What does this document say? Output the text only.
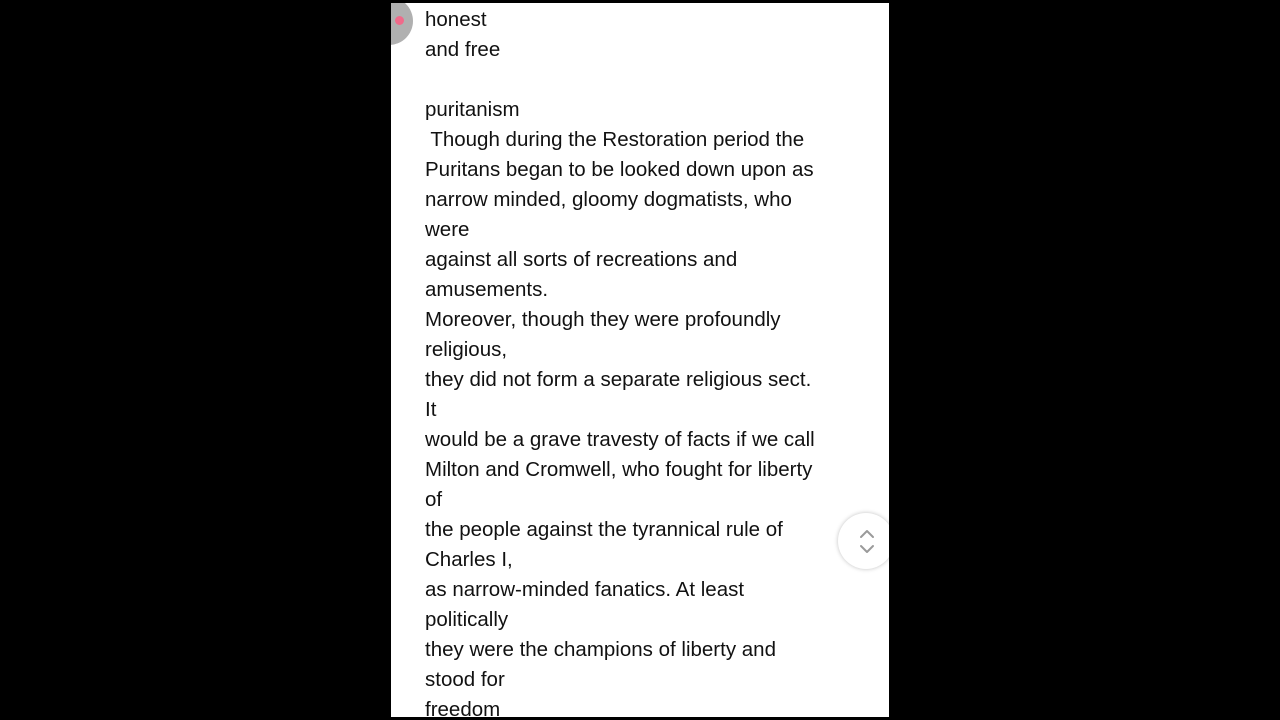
honest
and free
puritanism
Though during the Restoration period the
Puritans began to be looked down upon as
narrow minded, gloomy dogmatists, who
were
against all sorts of recreations and
amusements.
Moreover, though they were profoundly
religious,
they did not form a separate religious sect.
It
would be a grave travesty of facts if we call
Milton and Cromwell, who fought for liberty
of
the people against the tyrannical rule of
Charles I,
as narrow-minded fanatics. At least
politically
they were the champions of liberty and
stood for
freedom
